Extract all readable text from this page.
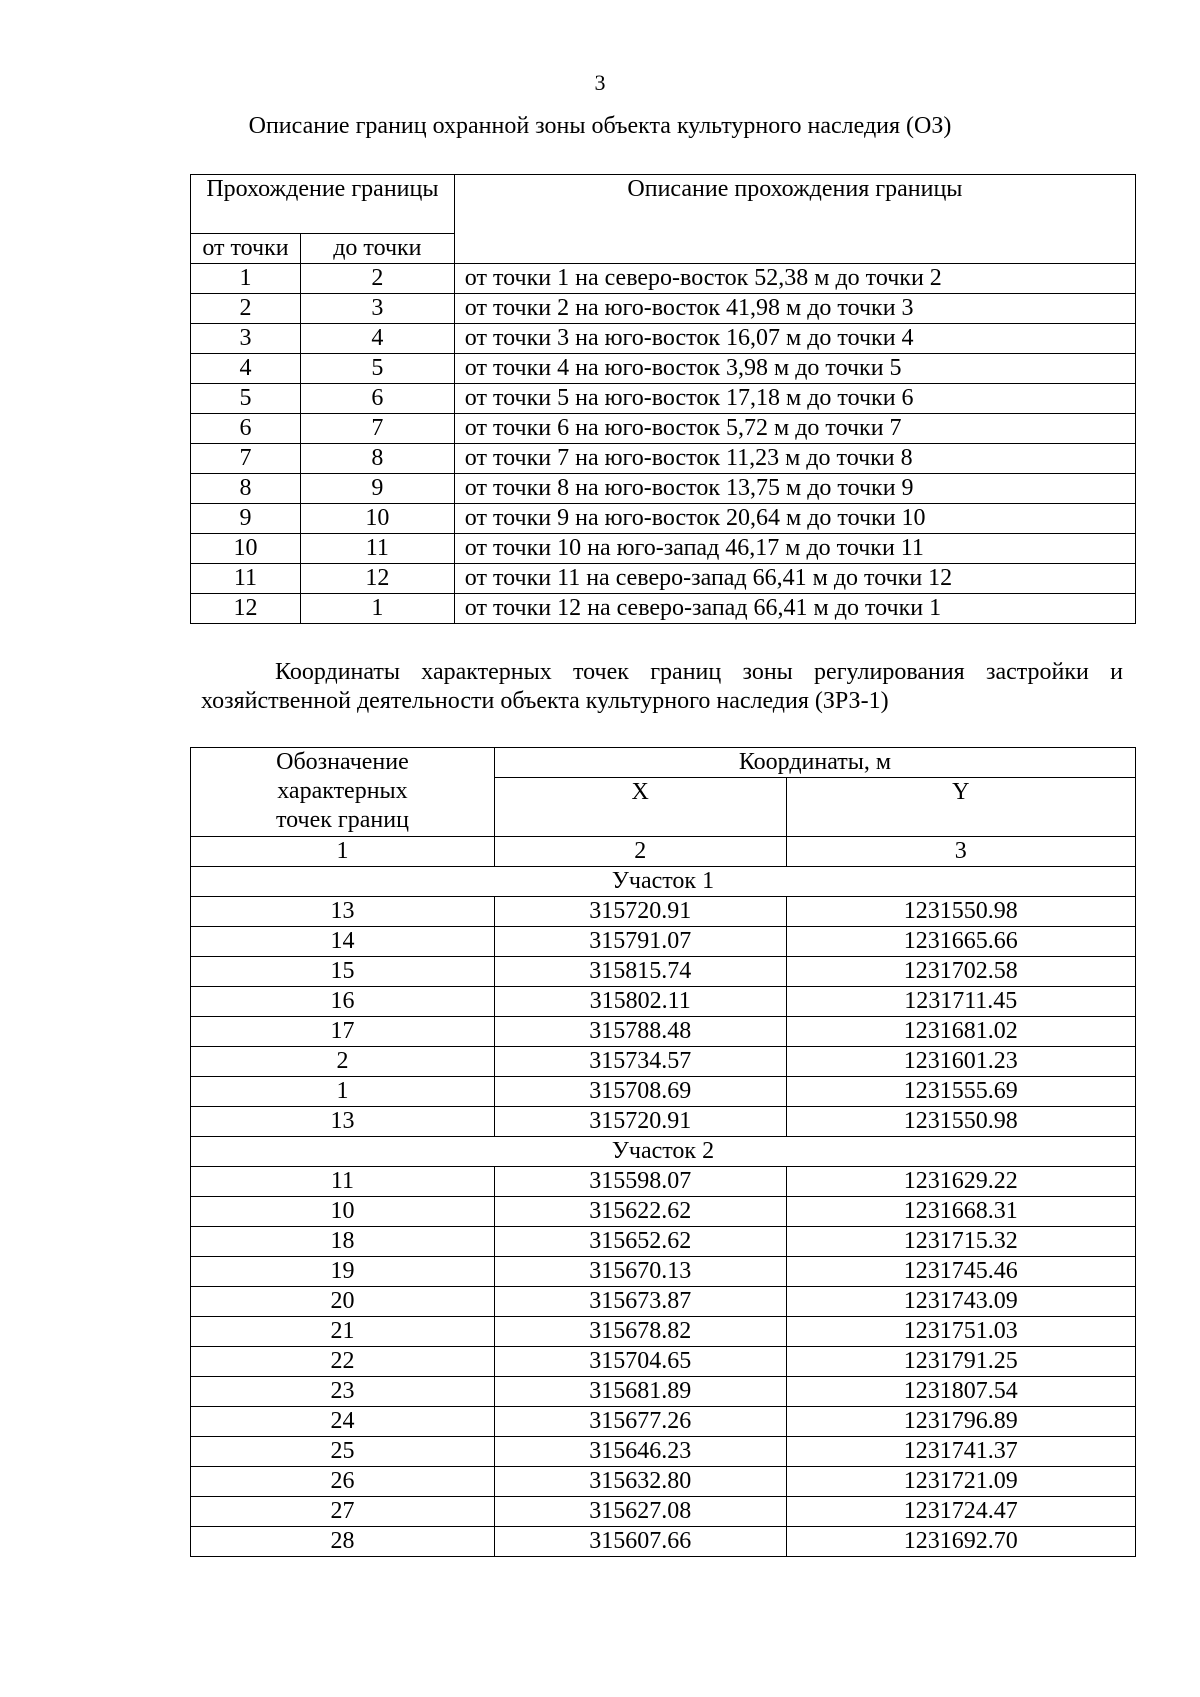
3
Описание границ охранной зоны объекта культурного наследия (ОЗ)
Прохождение границы		Описание прохождения границы
от точки	до точки	
1	2	от точки 1 на северо-восток 52,38 м до точки 2
2	3	от точки 2 на юго-восток 41,98 м до точки 3
3	4	от точки 3 на юго-восток 16,07 м до точки 4
4	5	от точки 4 на юго-восток 3,98 м до точки 5
5	6	от точки 5 на юго-восток 17,18 м до точки 6
6	7	от точки 6 на юго-восток 5,72 м до точки 7
7	8	от точки 7 на юго-восток 11,23 м до точки 8
8	9	от точки 8 на юго-восток 13,75 м до точки 9
9	10	от точки 9 на юго-восток 20,64 м до точки 10
10	11	от точки 10 на юго-запад 46,17 м до точки 11
11	12	от точки 11 на северо-запад 66,41 м до точки 12
12	1	от точки 12 на северо-запад 66,41 м до точки 1
Координаты характерных точек границ зоны регулирования застройки и
хозяйственной деятельности объекта культурного наследия (ЗРЗ-1)
Обозначение характерных точек границ	Координаты, м	
	X	Y
1	2	3
Участок 1		
13	315720.91	1231550.98
14	315791.07	1231665.66
15	315815.74	1231702.58
16	315802.11	1231711.45
17	315788.48	1231681.02
2	315734.57	1231601.23
1	315708.69	1231555.69
13	315720.91	1231550.98
Участок 2		
11	315598.07	1231629.22
10	315622.62	1231668.31
18	315652.62	1231715.32
19	315670.13	1231745.46
20	315673.87	1231743.09
21	315678.82	1231751.03
22	315704.65	1231791.25
23	315681.89	1231807.54
24	315677.26	1231796.89
25	315646.23	1231741.37
26	315632.80	1231721.09
27	315627.08	1231724.47
28	315607.66	1231692.70
